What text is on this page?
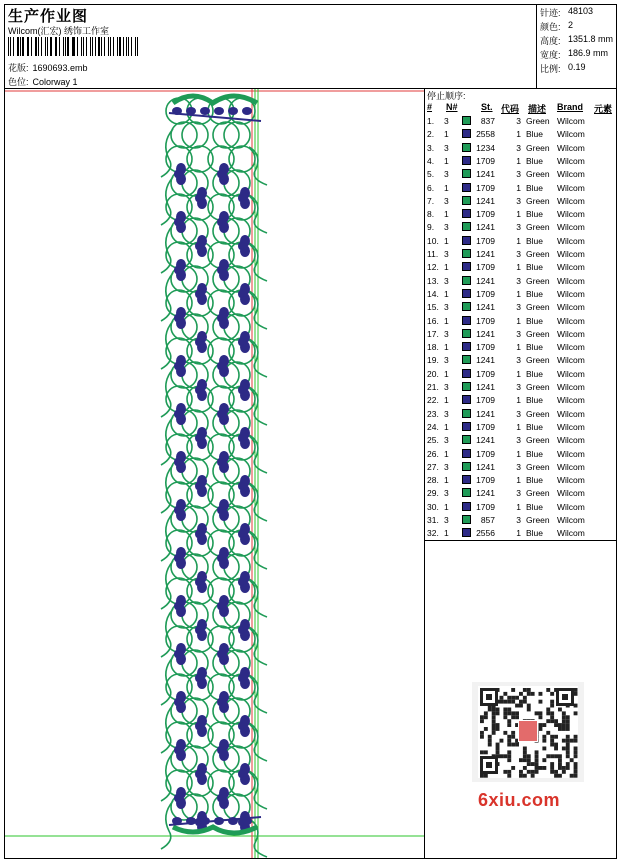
生产作业图
Wilcom(汇宏) 绣饰工作室
花版: 1690693.emb
色位: Colorway 1
针迹: 48103
颜色: 2
高度: 1351.8 mm
宽度: 186.9 mm
比例: 0.19
停止顺序:
# N#	St. 代码 描述 Brand 元素
1. 3	837	3 Green Wilcom
2. 1	2558	1 Blue Wilcom
3. 3	1234	3 Green Wilcom
4. 1	1709	1 Blue Wilcom
5. 3	1241	3 Green Wilcom
6. 1	1709	1 Blue Wilcom
7. 3	1241	3 Green Wilcom
8. 1	1709	1 Blue Wilcom
9. 3	1241	3 Green Wilcom
10. 1	1709	1 Blue Wilcom
11. 3	1241	3 Green Wilcom
12. 1	1709	1 Blue Wilcom
13. 3	1241	3 Green Wilcom
14. 1	1709	1 Blue Wilcom
15. 3	1241	3 Green Wilcom
16. 1	1709	1 Blue Wilcom
17. 3	1241	3 Green Wilcom
18. 1	1709	1 Blue Wilcom
19. 3	1241	3 Green Wilcom
20. 1	1709	1 Blue Wilcom
21. 3	1241	3 Green Wilcom
22. 1	1709	1 Blue Wilcom
23. 3	1241	3 Green Wilcom
24. 1	1709	1 Blue Wilcom
25. 3	1241	3 Green Wilcom
26. 1	1709	1 Blue Wilcom
27. 3	1241	3 Green Wilcom
28. 1	1709	1 Blue Wilcom
29. 3	1241	3 Green Wilcom
30. 1	1709	1 Blue Wilcom
31. 3	857	3 Green Wilcom
32. 1	2556	1 Blue Wilcom
6xiu.com
